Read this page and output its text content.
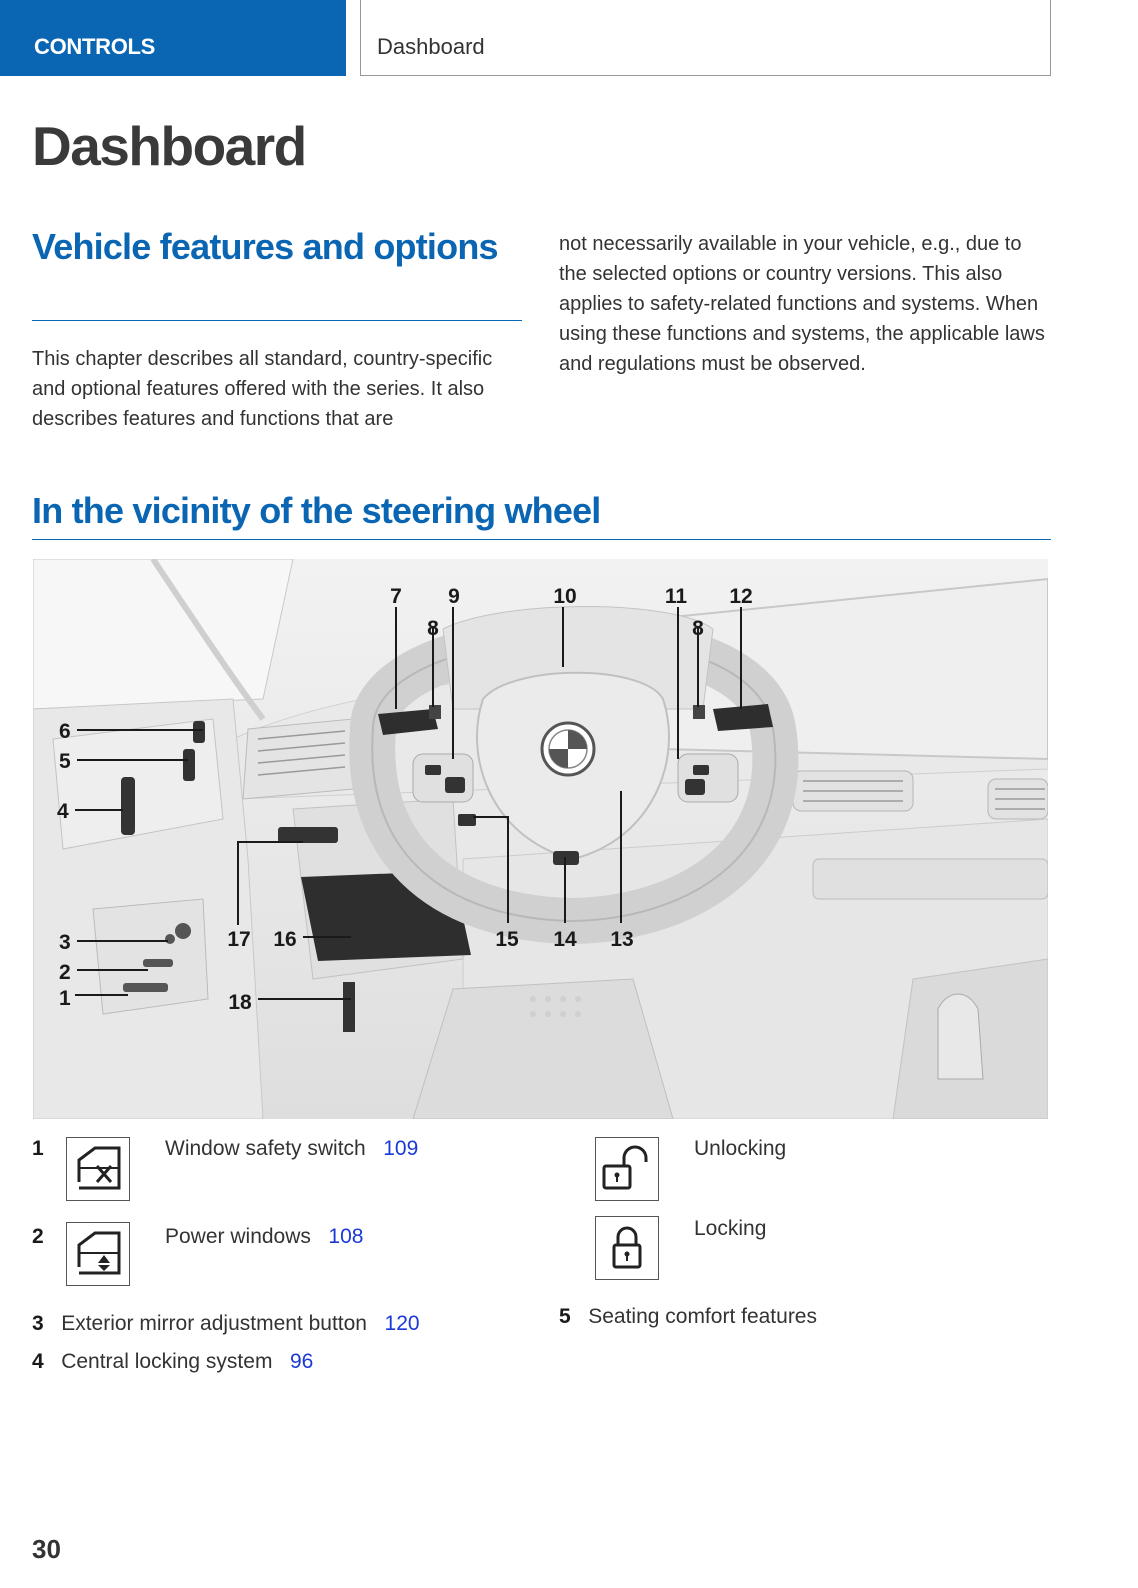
CONTROLS	Dashboard
Dashboard
Vehicle features and options
This chapter describes all standard, country-specific and optional features offered with the series. It also describes features and functions that are
not necessarily available in your vehicle, e.g., due to the selected options or country versions. This also applies to safety-related functions and systems. When using these functions and systems, the applicable laws and regulations must be observed.
In the vicinity of the steering wheel
1
2
3
4
5
6
7
8
9	10	11
8
12
13
14
15
16
17
18
1	Window safety switch 109
2	Power windows 108
3 Exterior mirror adjustment button 120
4 Central locking system 96
Unlocking
Locking
5 Seating comfort features
30
